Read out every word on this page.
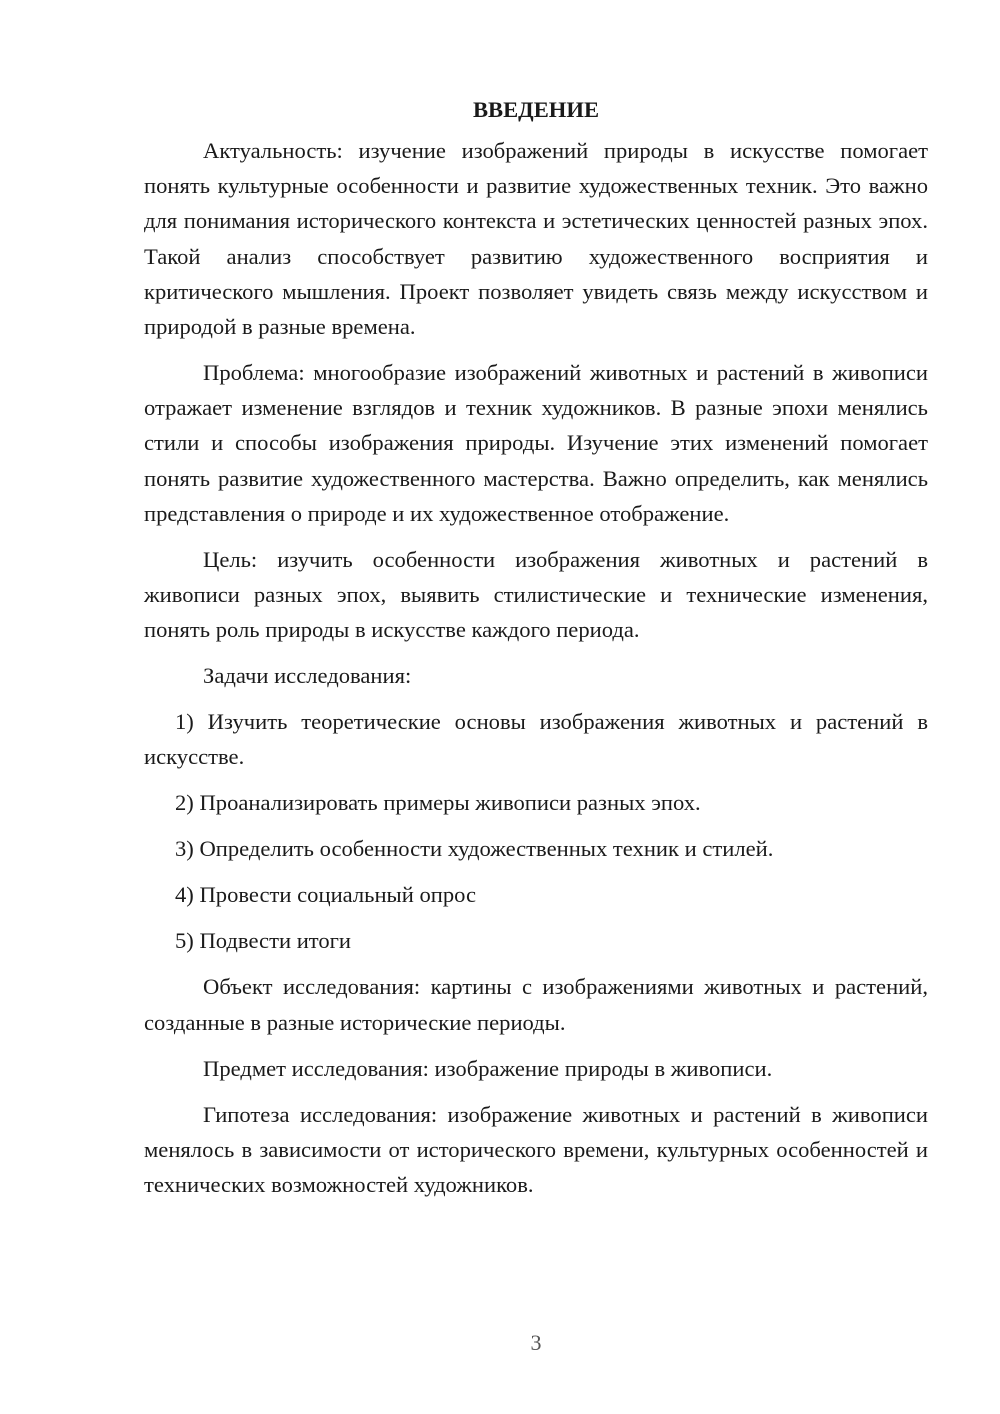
ВВЕДЕНИЕ

Актуальность: изучение изображений природы в искусстве помогает понять культурные особенности и развитие художественных техник. Это важно для понимания исторического контекста и эстетических ценностей разных эпох. Такой анализ способствует развитию художественного восприятия и критического мышления. Проект позволяет увидеть связь между искусством и природой в разные времена.

Проблема: многообразие изображений животных и растений в живописи отражает изменение взглядов и техник художников. В разные эпохи менялись стили и способы изображения природы. Изучение этих изменений помогает понять развитие художественного мастерства. Важно определить, как менялись представления о природе и их художественное отображение.

Цель: изучить особенности изображения животных и растений в живописи разных эпох, выявить стилистические и технические изменения, понять роль природы в искусстве каждого периода.

Задачи исследования:

1) Изучить теоретические основы изображения животных и растений в искусстве.

2) Проанализировать примеры живописи разных эпох.

3) Определить особенности художественных техник и стилей.

4) Провести социальный опрос

5) Подвести итоги

Объект исследования: картины с изображениями животных и растений, созданные в разные исторические периоды.

Предмет исследования: изображение природы в живописи.

Гипотеза исследования: изображение животных и растений в живописи менялось в зависимости от исторического времени, культурных особенностей и технических возможностей художников.

3
